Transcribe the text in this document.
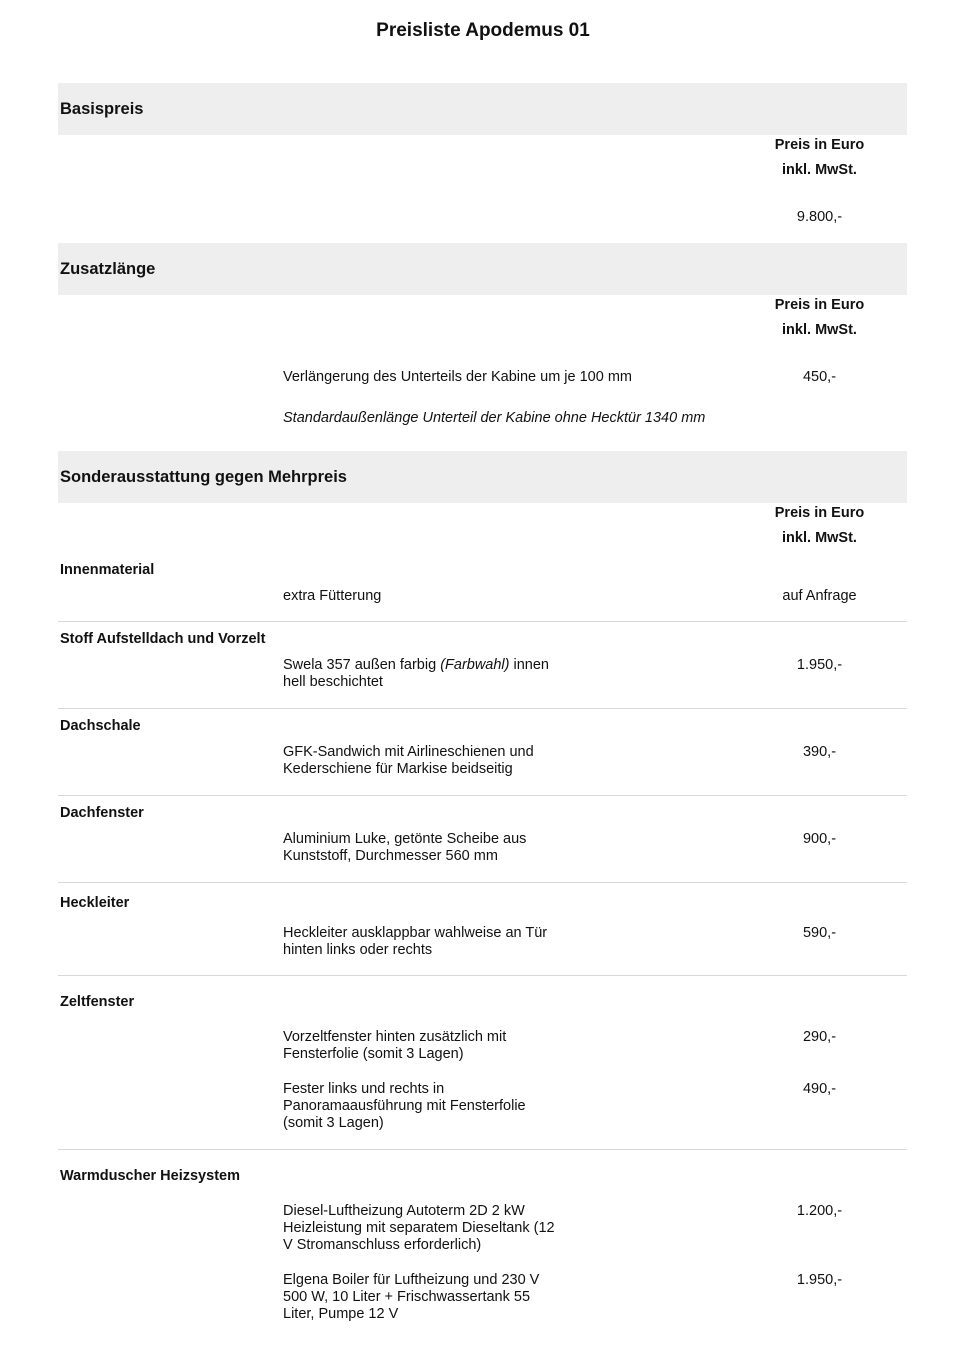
Preisliste Apodemus 01
Basispreis
Preis in Euro
inkl. MwSt.
9.800,-
Zusatzlänge
Preis in Euro
inkl. MwSt.
Verlängerung des Unterteils der Kabine um je 100 mm	450,-
Standardaußenlänge Unterteil der Kabine ohne Hecktür 1340 mm
Sonderausstattung gegen Mehrpreis
Preis in Euro
inkl. MwSt.
Innenmaterial
extra Fütterung	auf Anfrage
Stoff Aufstelldach und Vorzelt
Swela 357 außen farbig (Farbwahl) innen hell beschichtet
1.950,-
Dachschale
GFK-Sandwich mit Airlineschienen und Kederschiene für Markise beidseitig
390,-
Dachfenster
Aluminium Luke, getönte Scheibe aus Kunststoff, Durchmesser 560 mm
900,-
Heckleiter
Heckleiter ausklappbar wahlweise an Tür hinten links oder rechts
590,-
Zeltfenster
Vorzeltfenster hinten zusätzlich mit Fensterfolie (somit 3 Lagen)
290,-
Fester links und rechts in Panoramaausführung mit Fensterfolie (somit 3 Lagen)
490,-
Warmduscher Heizsystem
Diesel-Luftheizung Autoterm 2D 2 kW Heizleistung mit separatem Dieseltank (12 V Stromanschluss erforderlich)
1.200,-
Elgena Boiler für Luftheizung und 230 V 500 W, 10 Liter + Frischwassertank 55 Liter, Pumpe 12 V
1.950,-
